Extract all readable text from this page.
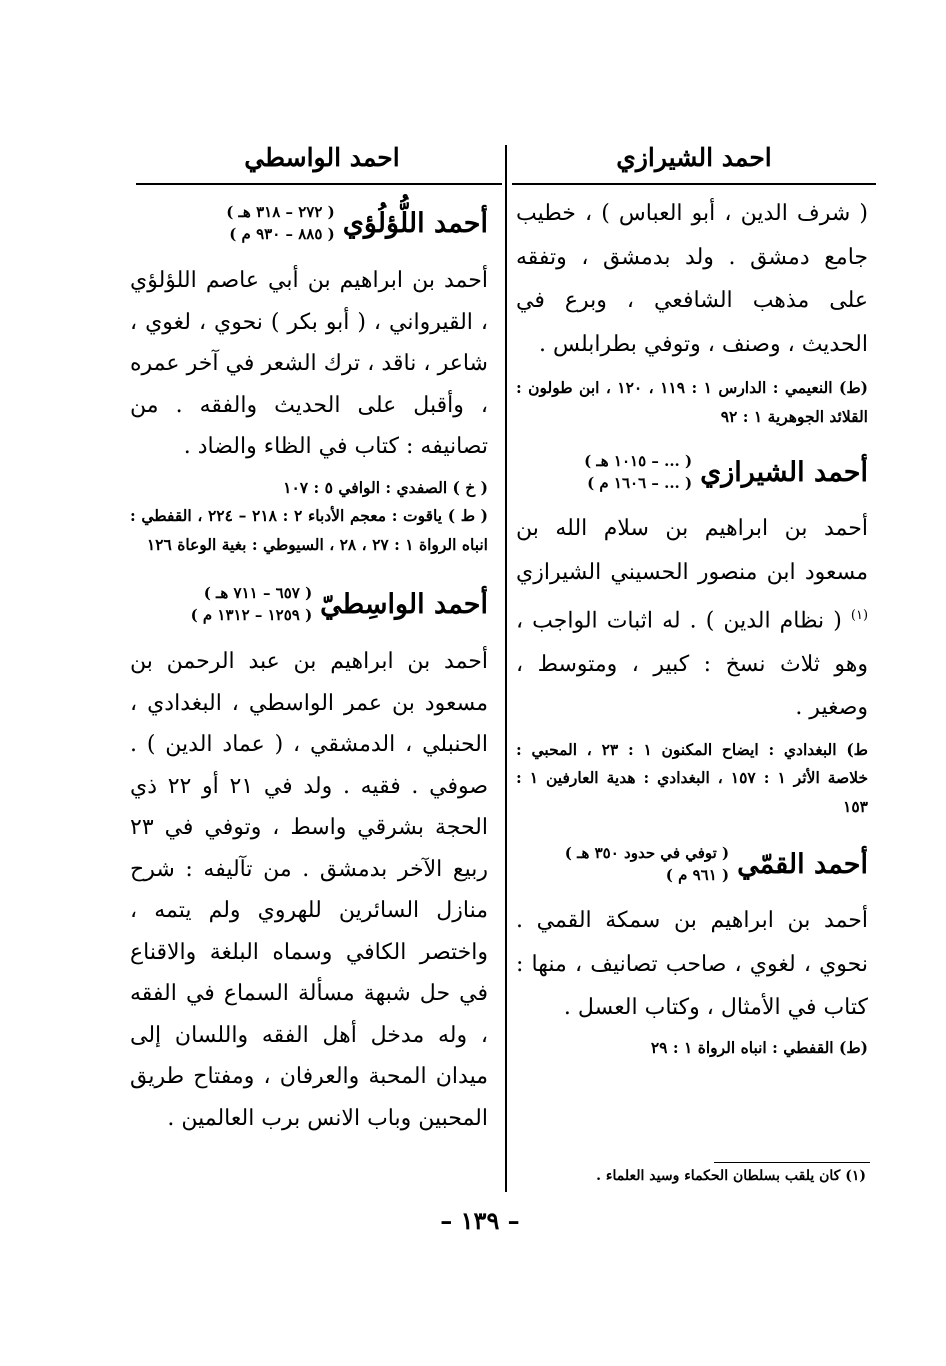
احمد الشيرازي
احمد الواسطي

( شرف الدين ، أبو العباس ) ، خطيب جامع دمشق . ولد بدمشق ، وتفقه على مذهب الشافعي ، وبرع في الحديث ، وصنف ، وتوفي بطرابلس .

(ط) النعيمي : الدارس ١ : ١١٩ ، ١٢٠ ، ابن طولون : القلائد الجوهرية ١ : ٩٢

أحمد الشيرازي
( ... – ١٠١٥ هـ )
( ... – ١٦٠٦ م )

أحمد بن ابراهيم بن سلام الله بن مسعود ابن منصور الحسيني الشيرازي $^{(١)}$ ( نظام الدين ) . له اثبات الواجب ، وهو ثلاث نسخ : كبير ، ومتوسط ، وصغير .

ط) البغدادي : ايضاح المكنون ١ : ٢٣ ، المحبي : خلاصة الأثر ١ : ١٥٧ ، البغدادي : هدية العارفين ١ : ١٥٣

أحمد القمّي
( توفي في حدود ٣٥٠ هـ )
( ٩٦١ م )

أحمد بن ابراهيم بن سمكة القمي . نحوي ، لغوي ، صاحب تصانيف ، منها : كتاب في الأمثال ، وكتاب العسل .

(ط) القفطي : انباه الرواة ١ : ٢٩

أحمد اللُّؤلُؤي
( ٢٧٢ – ٣١٨ هـ )
( ٨٨٥ – ٩٣٠ م )

أحمد بن ابراهيم بن أبي عاصم اللؤلؤي ، القيرواني ، ( أبو بكر ) نحوي ، لغوي ، شاعر ، ناقد ، ترك الشعر في آخر عمره ، وأقبل على الحديث والفقه . من تصانيفه : كتاب في الظاء والضاد .

( خ ) الصفدي : الوافي ٥ : ١٠٧

( ط ) ياقوت : معجم الأدباء ٢ : ٢١٨ – ٢٢٤ ، القفطي : انباه الرواة ١ : ٢٧ ، ٢٨ ، السيوطي : بغية الوعاة ١٢٦

أحمد الواسِطيّ
( ٦٥٧ – ٧١١ هـ )
( ١٢٥٩ – ١٣١٢ م )

أحمد بن ابراهيم بن عبد الرحمن بن مسعود بن عمر الواسطي ، البغدادي ، الحنبلي ، الدمشقي ، ( عماد الدين ) . صوفي . فقيه . ولد في ٢١ أو ٢٢ ذي الحجة بشرقي واسط ، وتوفي في ٢٣ ربيع الآخر بدمشق . من تآليفه : شرح منازل السائرين للهروي ولم يتمه ، واختصر الكافي وسماه البلغة والاقناع في حل شبهة مسألة السماع في الفقه ، وله مدخل أهل الفقه واللسان إلى ميدان المحبة والعرفان ، ومفتاح طريق المحبين وباب الانس برب العالمين .

(١) كان يلقب بسلطان الحكماء وسيد العلماء .
– ١٣٩ –
